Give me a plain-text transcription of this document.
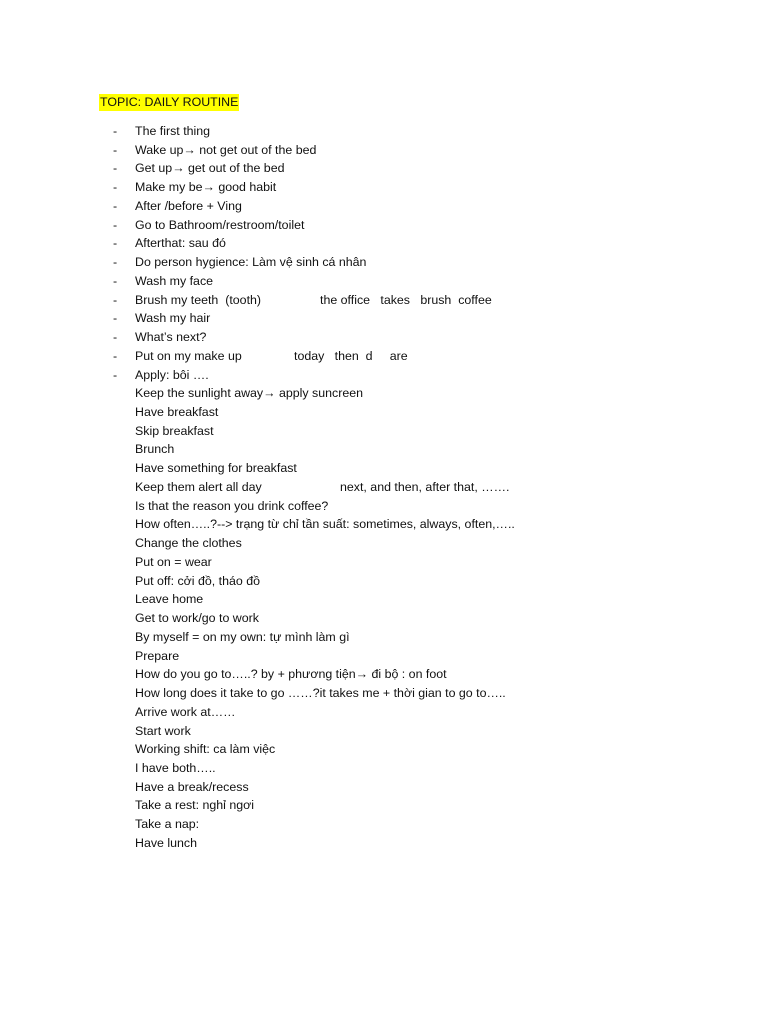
TOPIC: DAILY ROUTINE
- The first thing
- Wake up→ not get out of the bed
- Get up→ get out of the bed
- Make my be→ good habit
- After /before + Ving
- Go to Bathroom/restroom/toilet
- Afterthat: sau đó
- Do person hygience: Làm vệ sinh cá nhân
- Wash my face
- Brush my teeth  (tooth)	the office   takes   brush  coffee
- Wash my hair
- What’s next?
- Put on my make up	today   then  d     are
- Apply: bôi ….
Keep the sunlight away→ apply suncreen
Have breakfast
Skip breakfast
Brunch
Have something for breakfast
Keep them alert all day	next, and then, after that, …….
Is that the reason you drink coffee?
How often…..?--> trạng từ chỉ tần suất: sometimes, always, often,…..
Change the clothes
Put on = wear
Put off: cởi đồ, tháo đồ
Leave home
Get to work/go to work
By myself = on my own: tự mình làm gì
Prepare
How do you go to…..? by + phương tiện→ đi bộ : on foot
How long does it take to go ……?it takes me + thời gian to go to…..
Arrive work at……
Start work
Working shift: ca làm việc
I have both…..
Have a break/recess
Take a rest: nghỉ ngơi
Take a nap:
Have lunch
